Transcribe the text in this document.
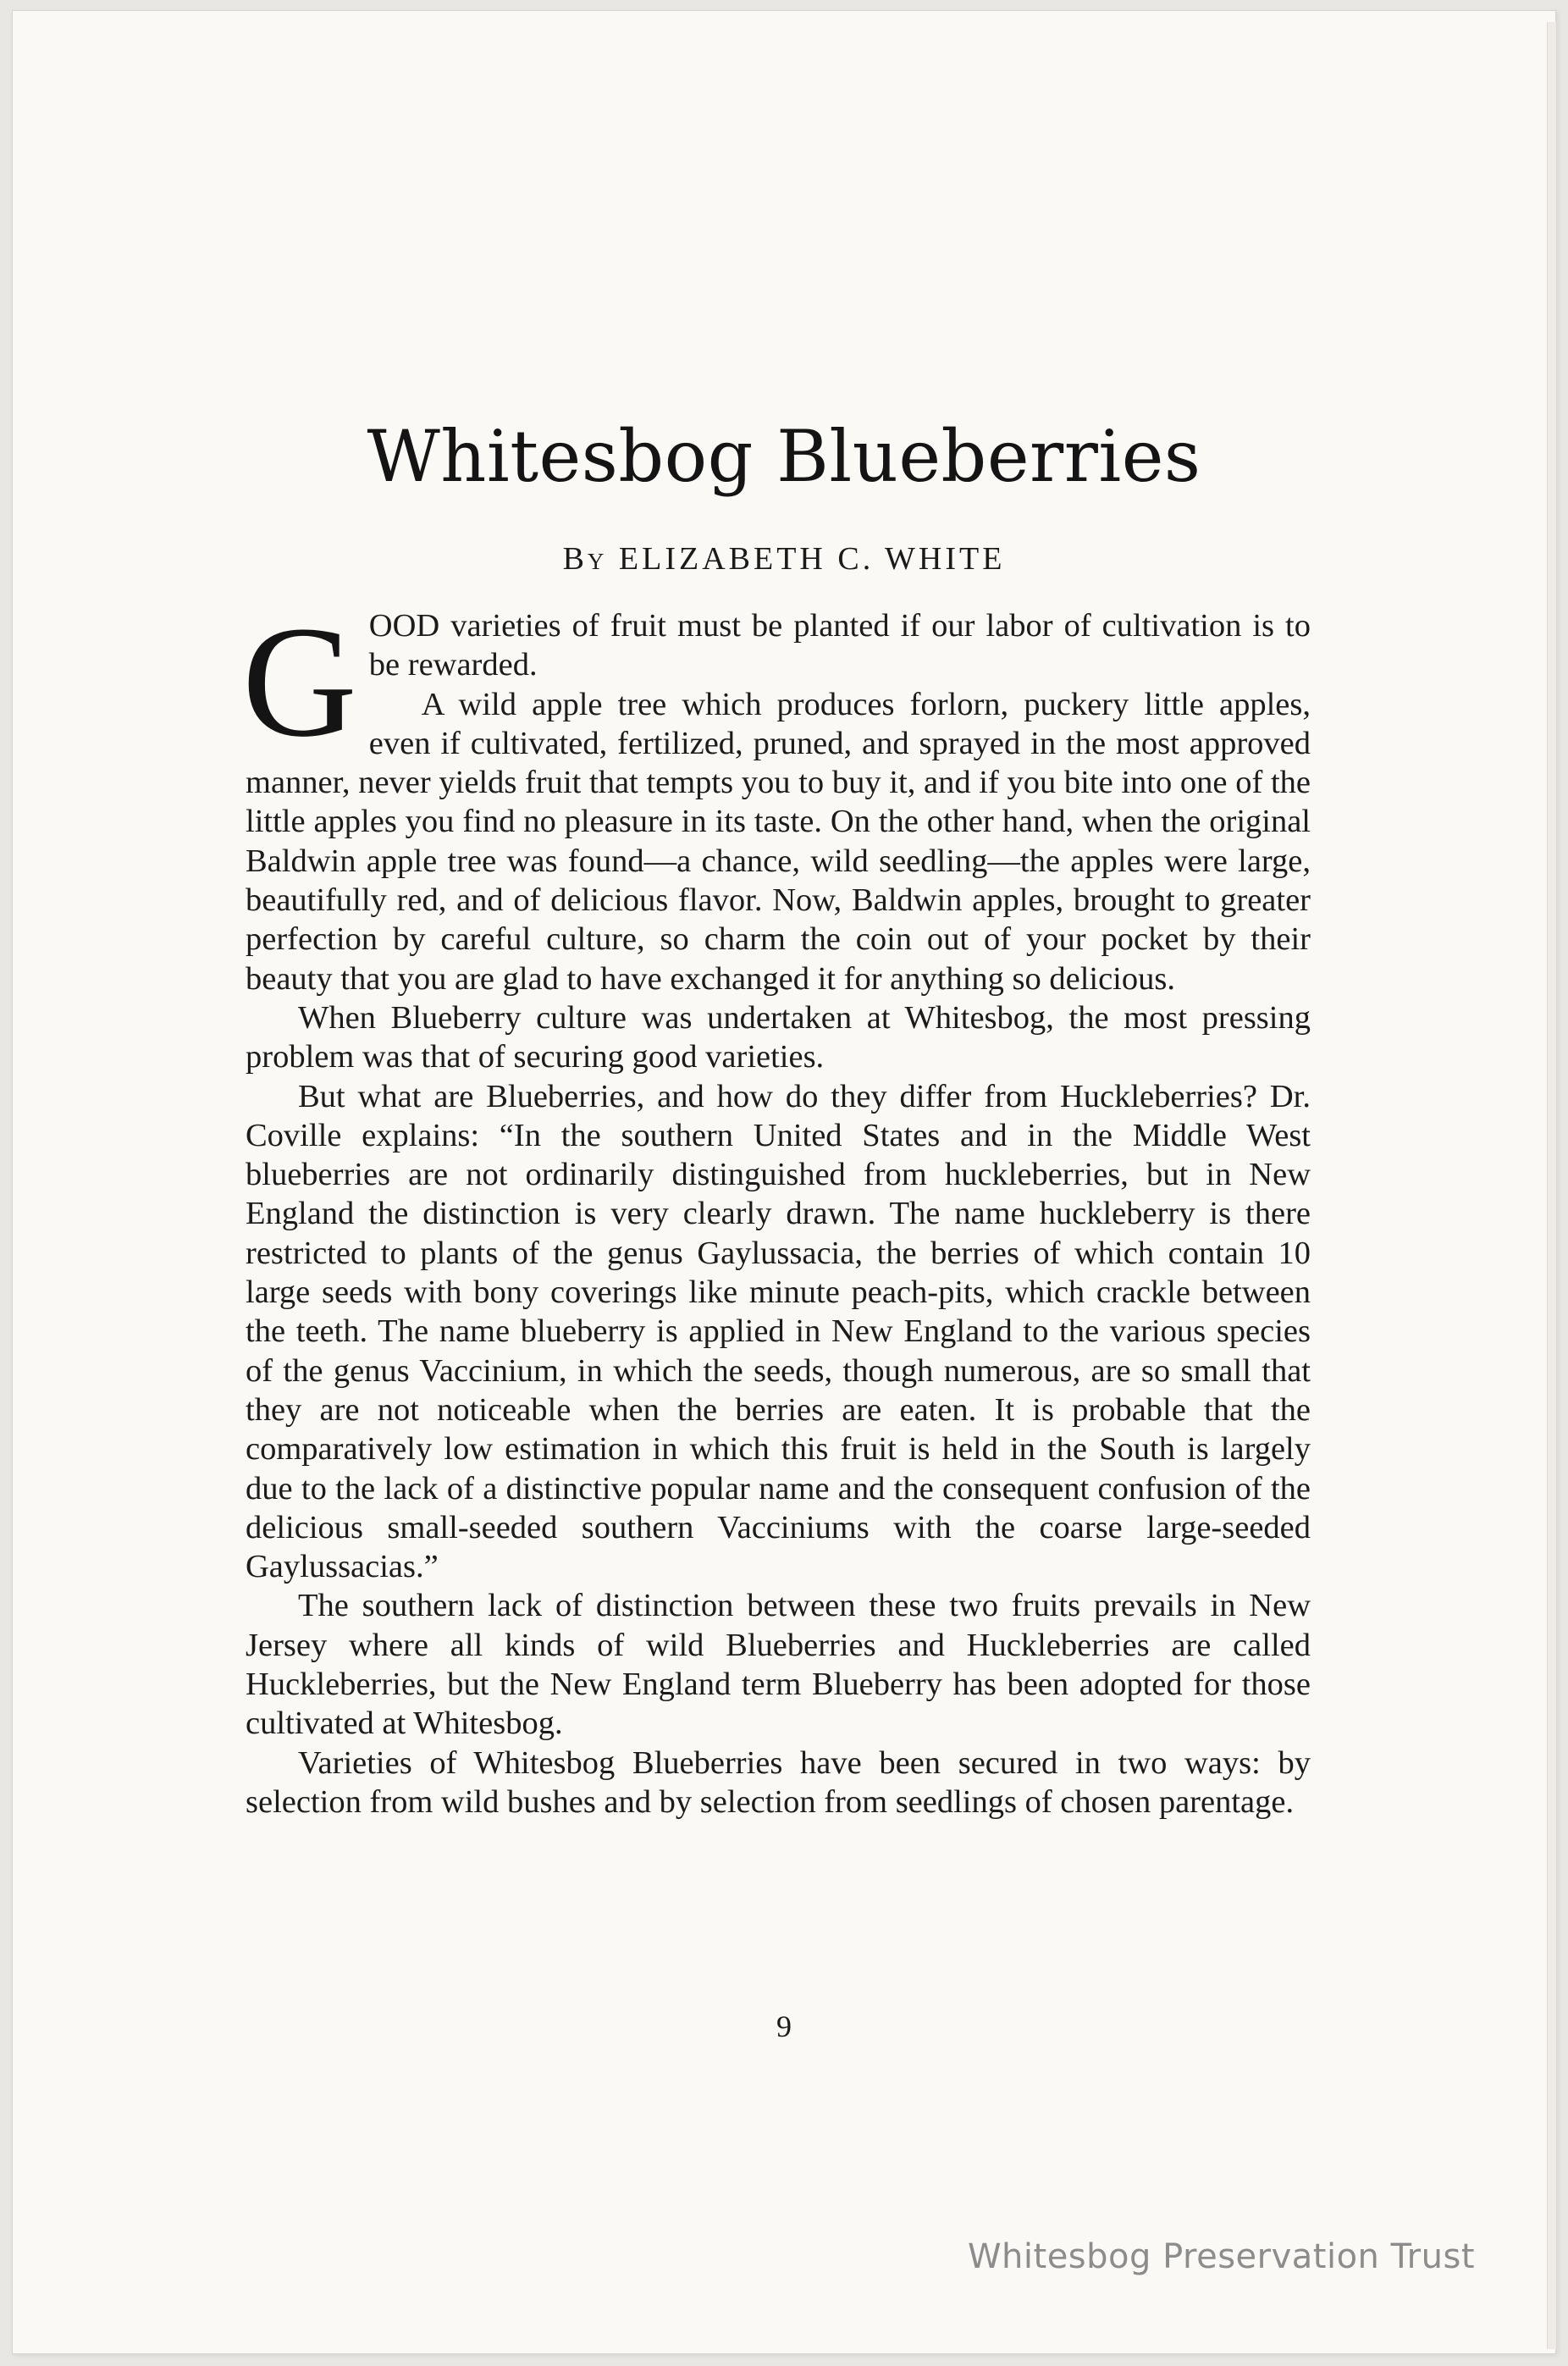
Whitesbog Blueberries
By ELIZABETH C. WHITE

GOOD varieties of fruit must be planted if our labor of cultivation is to be rewarded.

A wild apple tree which produces forlorn, puckery little apples, even if cultivated, fertilized, pruned, and sprayed in the most approved manner, never yields fruit that tempts you to buy it, and if you bite into one of the little apples you find no pleasure in its taste. On the other hand, when the original Baldwin apple tree was found—a chance, wild seedling—the apples were large, beautifully red, and of delicious flavor. Now, Baldwin apples, brought to greater perfection by careful culture, so charm the coin out of your pocket by their beauty that you are glad to have exchanged it for anything so delicious.

When Blueberry culture was undertaken at Whitesbog, the most pressing problem was that of securing good varieties.

But what are Blueberries, and how do they differ from Huckleberries? Dr. Coville explains: “In the southern United States and in the Middle West blueberries are not ordinarily distinguished from huckleberries, but in New England the distinction is very clearly drawn. The name huckleberry is there restricted to plants of the genus Gaylussacia, the berries of which contain 10 large seeds with bony coverings like minute peach-pits, which crackle between the teeth. The name blueberry is applied in New England to the various species of the genus Vaccinium, in which the seeds, though numerous, are so small that they are not noticeable when the berries are eaten. It is probable that the comparatively low estimation in which this fruit is held in the South is largely due to the lack of a distinctive popular name and the consequent confusion of the delicious small-seeded southern Vacciniums with the coarse large-seeded Gaylussacias.”

The southern lack of distinction between these two fruits prevails in New Jersey where all kinds of wild Blueberries and Huckleberries are called Huckleberries, but the New England term Blueberry has been adopted for those cultivated at Whitesbog.

Varieties of Whitesbog Blueberries have been secured in two ways: by selection from wild bushes and by selection from seedlings of chosen parentage.

9
Whitesbog Preservation Trust
